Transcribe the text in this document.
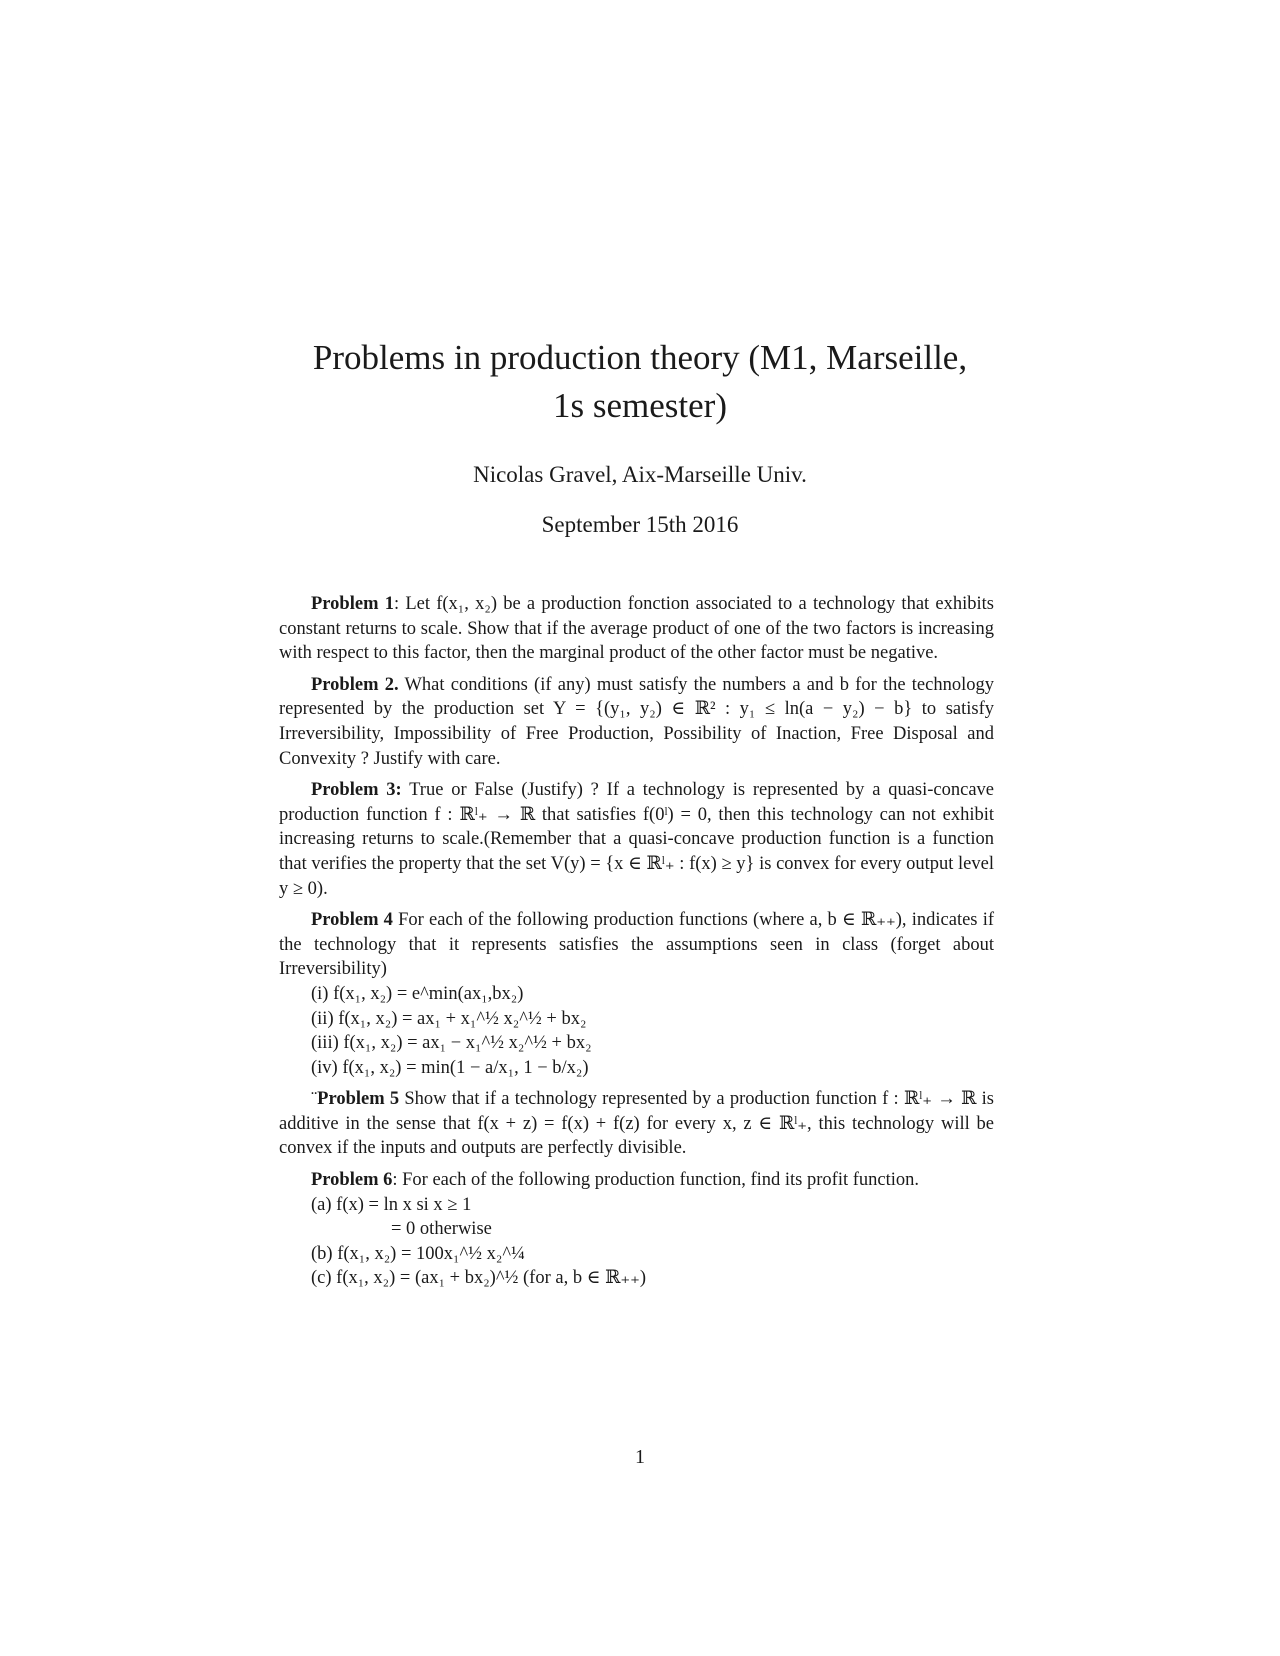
Problems in production theory (M1, Marseille,
1s semester)
Nicolas Gravel, Aix-Marseille Univ.
September 15th 2016

Problem 1: Let f(x₁, x₂) be a production fonction associated to a technology that exhibits constant returns to scale. Show that if the average product of one of the two factors is increasing with respect to this factor, then the marginal product of the other factor must be negative.

Problem 2. What conditions (if any) must satisfy the numbers a and b for the technology represented by the production set Y = {(y₁, y₂) ∈ ℝ² : y₁ ≤ ln(a − y₂) − b} to satisfy Irreversibility, Impossibility of Free Production, Possibility of Inaction, Free Disposal and Convexity ? Justify with care.

Problem 3: True or False (Justify) ? If a technology is represented by a quasi-concave production function f : ℝˡ₊ → ℝ that satisfies f(0ˡ) = 0, then this technology can not exhibit increasing returns to scale.(Remember that a quasi-concave production function is a function that verifies the property that the set V(y) = {x ∈ ℝˡ₊ : f(x) ≥ y} is convex for every output level y ≥ 0).

Problem 4 For each of the following production functions (where a, b ∈ ℝ₊₊), indicates if the technology that it represents satisfies the assumptions seen in class (forget about Irreversibility)

(i) f(x₁, x₂) = e^min(ax₁,bx₂)
(ii) f(x₁, x₂) = ax₁ + x₁^½ x₂^½ + bx₂
(iii) f(x₁, x₂) = ax₁ − x₁^½ x₂^½ + bx₂
(iv) f(x₁, x₂) = min(1 − a/x₁, 1 − b/x₂)

¨Problem 5 Show that if a technology represented by a production function f : ℝˡ₊ → ℝ is additive in the sense that f(x + z) = f(x) + f(z) for every x, z ∈ ℝˡ₊, this technology will be convex if the inputs and outputs are perfectly divisible.

Problem 6: For each of the following production function, find its profit function.

(a) f(x) = ln x si x ≥ 1
= 0 otherwise
(b) f(x₁, x₂) = 100x₁^½ x₂^¼
(c) f(x₁, x₂) = (ax₁ + bx₂)^½ (for a, b ∈ ℝ₊₊)
1
